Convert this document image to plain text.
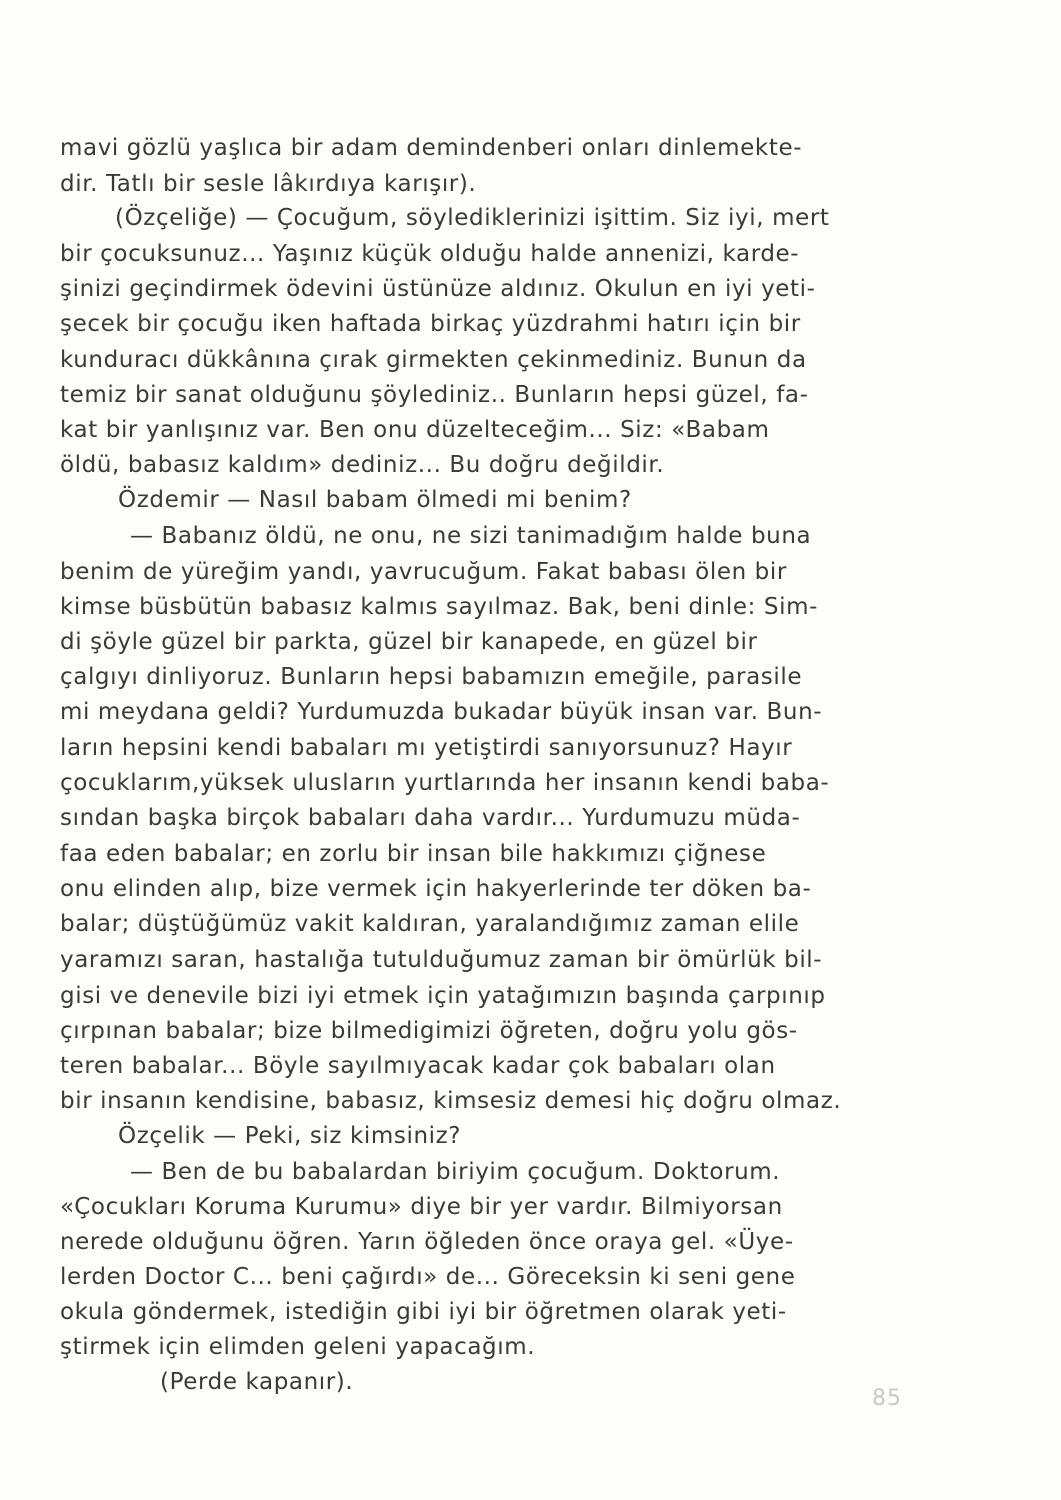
mavi gözlü yaşlıca bir adam demindenberi onları dinlemekte-
dir. Tatlı bir sesle lâkırdıya karışır).
(Özçeliğe) — Çocuğum, söylediklerinizi işittim. Siz iyi, mert
bir çocuksunuz... Yaşınız küçük olduğu halde annenizi, karde-
şinizi geçindirmek ödevini üstünüze aldınız. Okulun en iyi yeti-
şecek bir çocuğu iken haftada birkaç yüzdrahmi hatırı için bir
kunduracı dükkânına çırak girmekten çekinmediniz. Bunun da
temiz bir sanat olduğunu şöylediniz.. Bunların hepsi güzel, fa-
kat bir yanlışınız var. Ben onu düzelteceğim... Siz: «Babam
öldü, babasız kaldım» dediniz... Bu doğru değildir.
Özdemir — Nasıl babam ölmedi mi benim?
— Babanız öldü, ne onu, ne sizi tanimadığım halde buna
benim de yüreğim yandı, yavrucuğum. Fakat babası ölen bir
kimse büsbütün babasız kalmıs sayılmaz. Bak, beni dinle: Sim-
di şöyle güzel bir parkta, güzel bir kanapede, en güzel bir
çalgıyı dinliyoruz. Bunların hepsi babamızın emeğile, parasile
mi meydana geldi? Yurdumuzda bukadar büyük insan var. Bun-
ların hepsini kendi babaları mı yetiştirdi sanıyorsunuz? Hayır
çocuklarım,yüksek ulusların yurtlarında her insanın kendi baba-
sından başka birçok babaları daha vardır... Yurdumuzu müda-
faa eden babalar; en zorlu bir insan bile hakkımızı çiğnese
onu elinden alıp, bize vermek için hakyerlerinde ter döken ba-
balar; düştüğümüz vakit kaldıran, yaralandığımız zaman elile
yaramızı saran, hastalığa tutulduğumuz zaman bir ömürlük bil-
gisi ve denevile bizi iyi etmek için yatağımızın başında çarpınıp
çırpınan babalar; bize bilmedigimizi öğreten, doğru yolu gös-
teren babalar... Böyle sayılmıyacak kadar çok babaları olan
bir insanın kendisine, babasız, kimsesiz demesi hiç doğru olmaz.
Özçelik — Peki, siz kimsiniz?
— Ben de bu babalardan biriyim çocuğum. Doktorum.
«Çocukları Koruma Kurumu» diye bir yer vardır. Bilmiyorsan
nerede olduğunu öğren. Yarın öğleden önce oraya gel. «Üye-
lerden Doctor C... beni çağırdı» de... Göreceksin ki seni gene
okula göndermek, istediğin gibi iyi bir öğretmen olarak yeti-
ştirmek için elimden geleni yapacağım.
(Perde kapanır).
85
